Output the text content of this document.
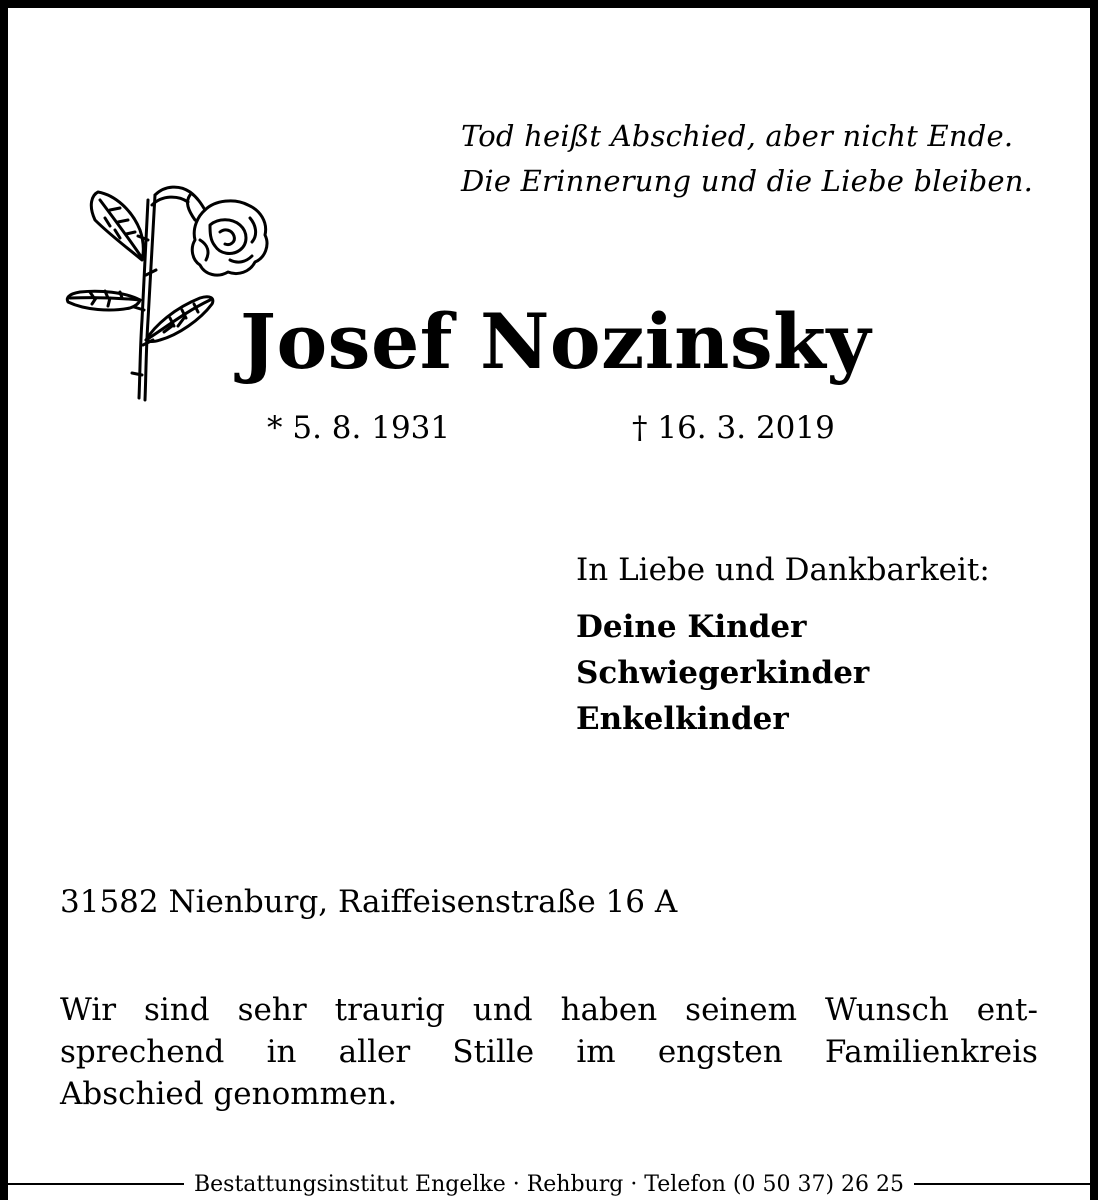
Tod heißt Abschied, aber nicht Ende.
Die Erinnerung und die Liebe bleiben.
Josef Nozinsky
* 5. 8. 1931	† 16. 3. 2019
In Liebe und Dankbarkeit:
Deine Kinder
Schwiegerkinder
Enkelkinder
31582 Nienburg, Raiffeisenstraße 16 A
Wir sind sehr traurig und haben seinem Wunsch ent-
sprechend in aller Stille im engsten Familienkreis
Abschied genommen.
Bestattungsinstitut Engelke · Rehburg · Telefon (0 50 37) 26 25
